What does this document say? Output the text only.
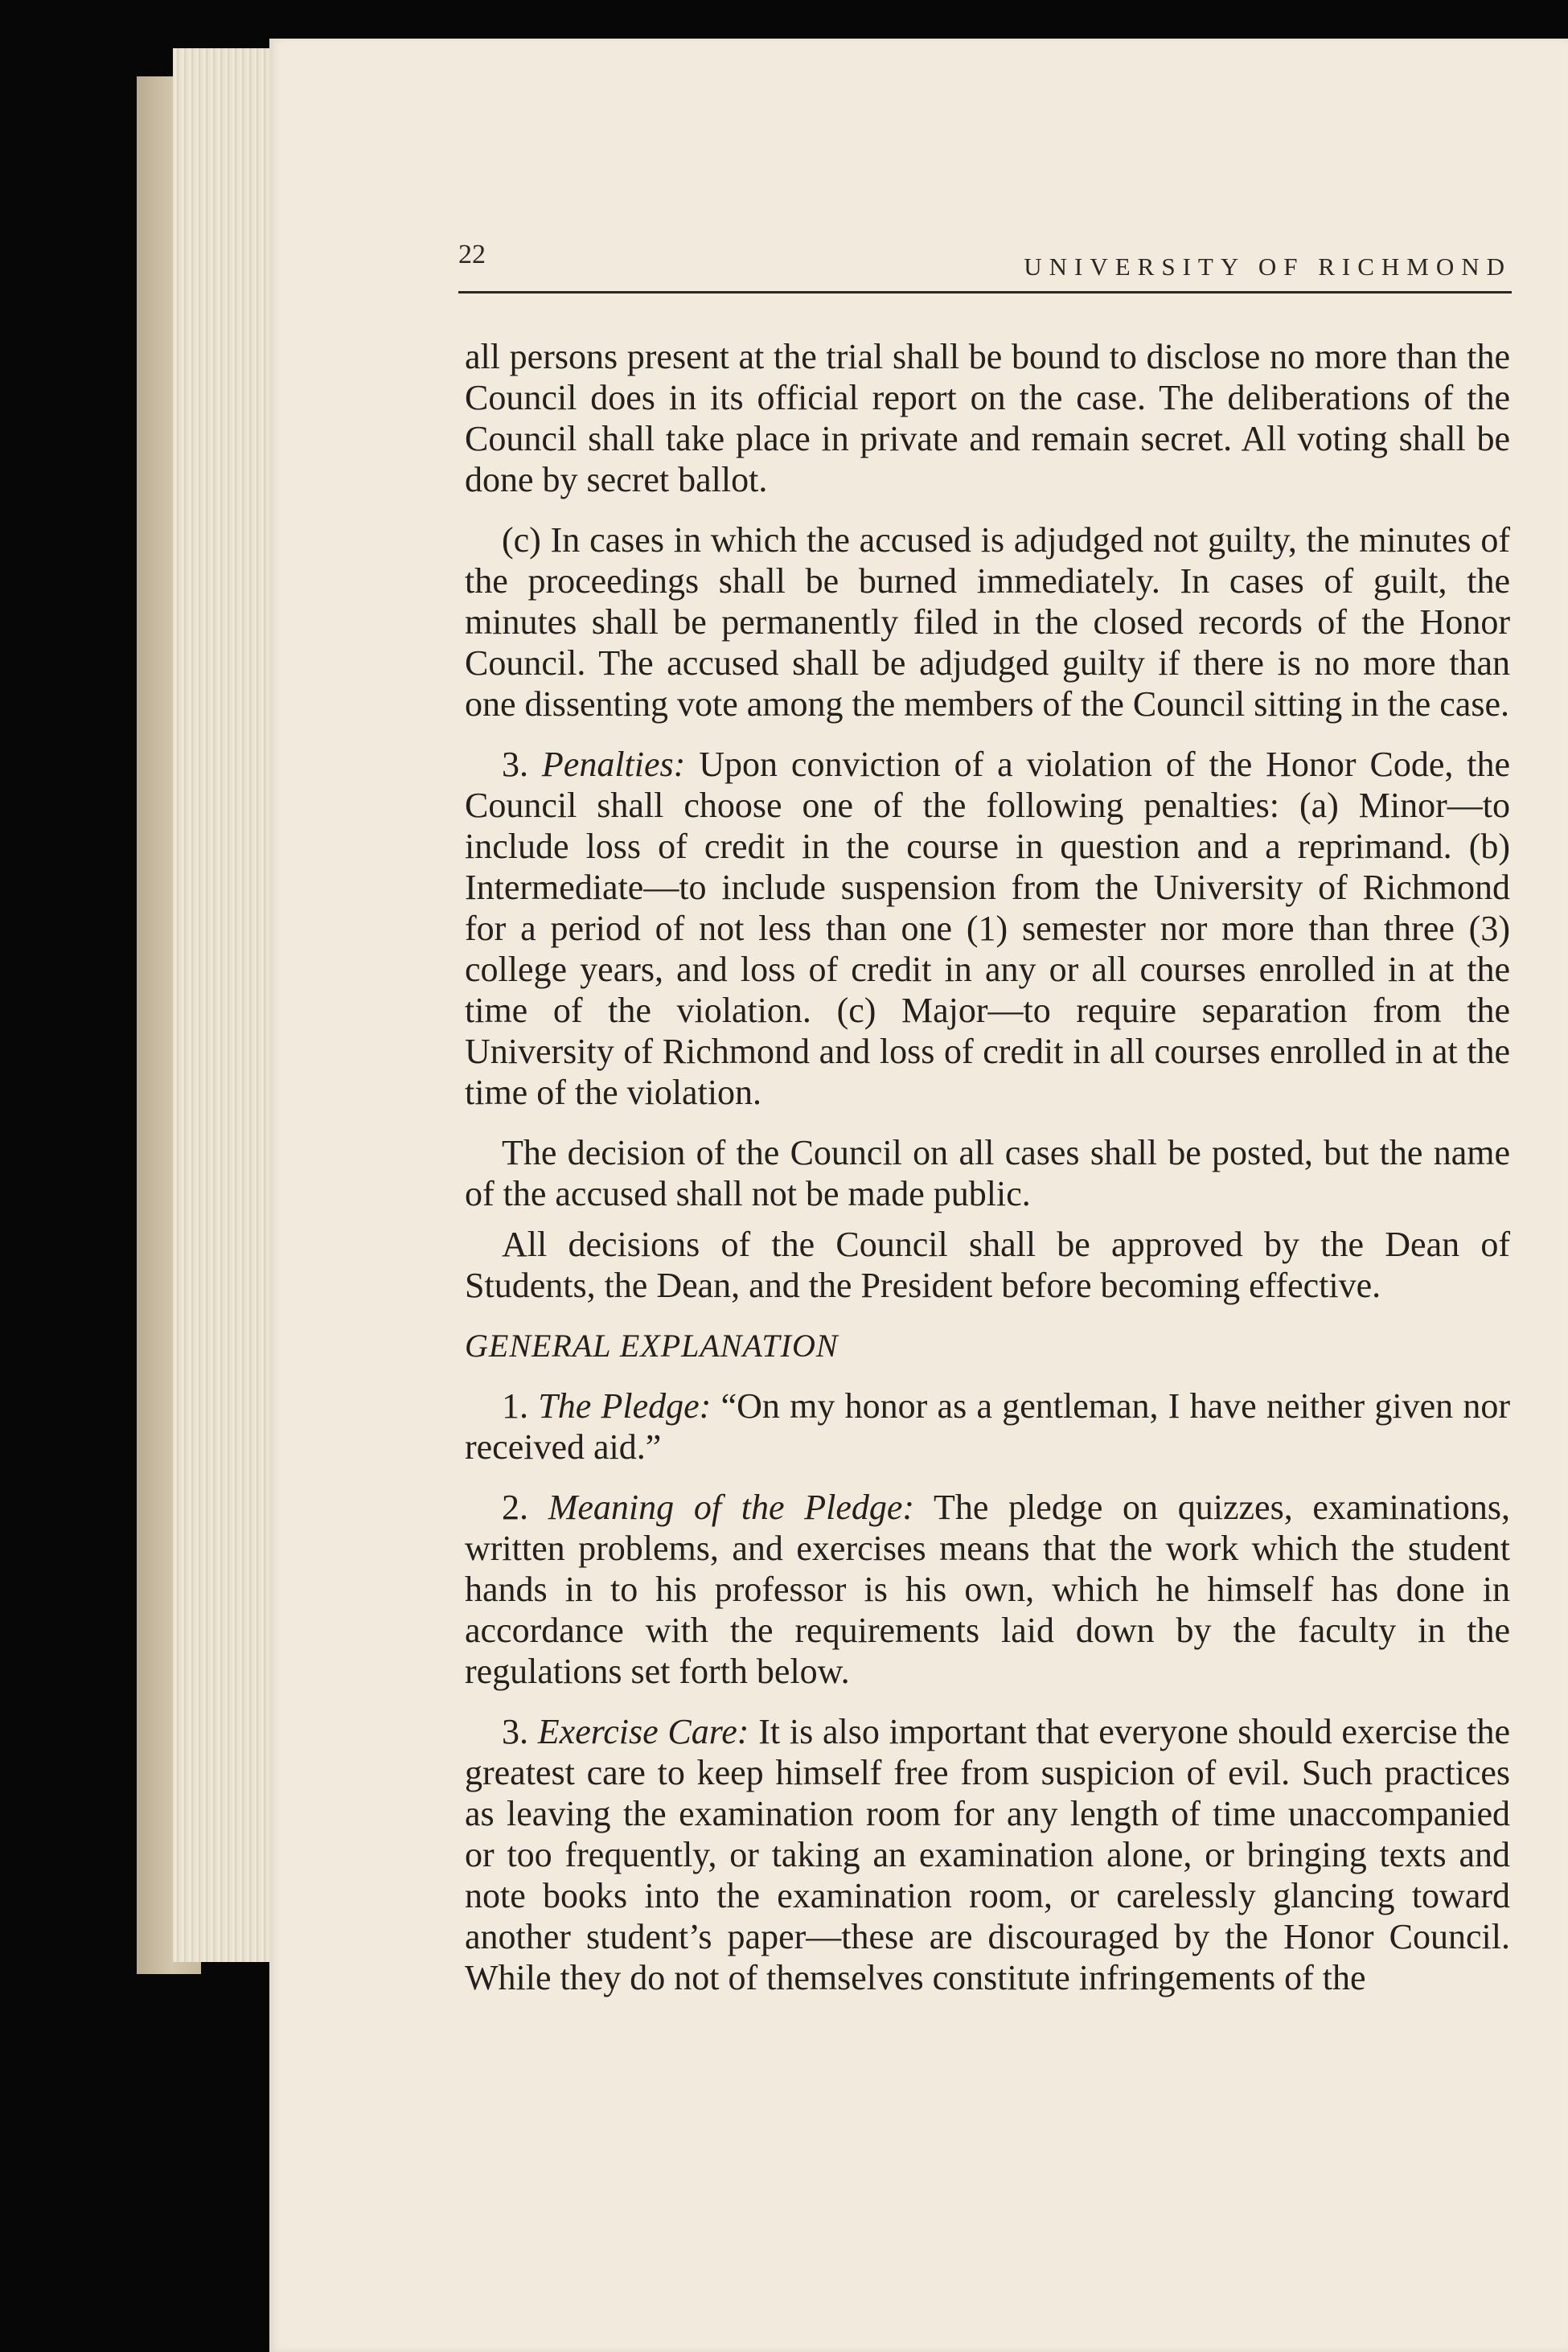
22	UNIVERSITY OF RICHMOND

all persons present at the trial shall be bound to disclose no more than the Council does in its official report on the case. The deliberations of the Council shall take place in private and remain secret. All voting shall be done by secret ballot.

(c) In cases in which the accused is adjudged not guilty, the minutes of the proceedings shall be burned immediately. In cases of guilt, the minutes shall be permanently filed in the closed records of the Honor Council. The accused shall be adjudged guilty if there is no more than one dissenting vote among the members of the Council sitting in the case.

3. Penalties: Upon conviction of a violation of the Honor Code, the Council shall choose one of the following penalties: (a) Minor—to include loss of credit in the course in question and a reprimand. (b) Intermediate—to include suspension from the University of Richmond for a period of not less than one (1) semester nor more than three (3) college years, and loss of credit in any or all courses enrolled in at the time of the violation. (c) Major—to require separation from the University of Richmond and loss of credit in all courses enrolled in at the time of the violation.

The decision of the Council on all cases shall be posted, but the name of the accused shall not be made public.

All decisions of the Council shall be approved by the Dean of Students, the Dean, and the President before becoming effective.

GENERAL EXPLANATION

1. The Pledge: “On my honor as a gentleman, I have neither given nor received aid.”

2. Meaning of the Pledge: The pledge on quizzes, examinations, written problems, and exercises means that the work which the student hands in to his professor is his own, which he himself has done in accordance with the requirements laid down by the faculty in the regulations set forth below.

3. Exercise Care: It is also important that everyone should exercise the greatest care to keep himself free from suspicion of evil. Such practices as leaving the examination room for any length of time unaccompanied or too frequently, or taking an examination alone, or bringing texts and note books into the examination room, or carelessly glancing toward another student’s paper—these are discouraged by the Honor Council. While they do not of themselves constitute infringements of the
